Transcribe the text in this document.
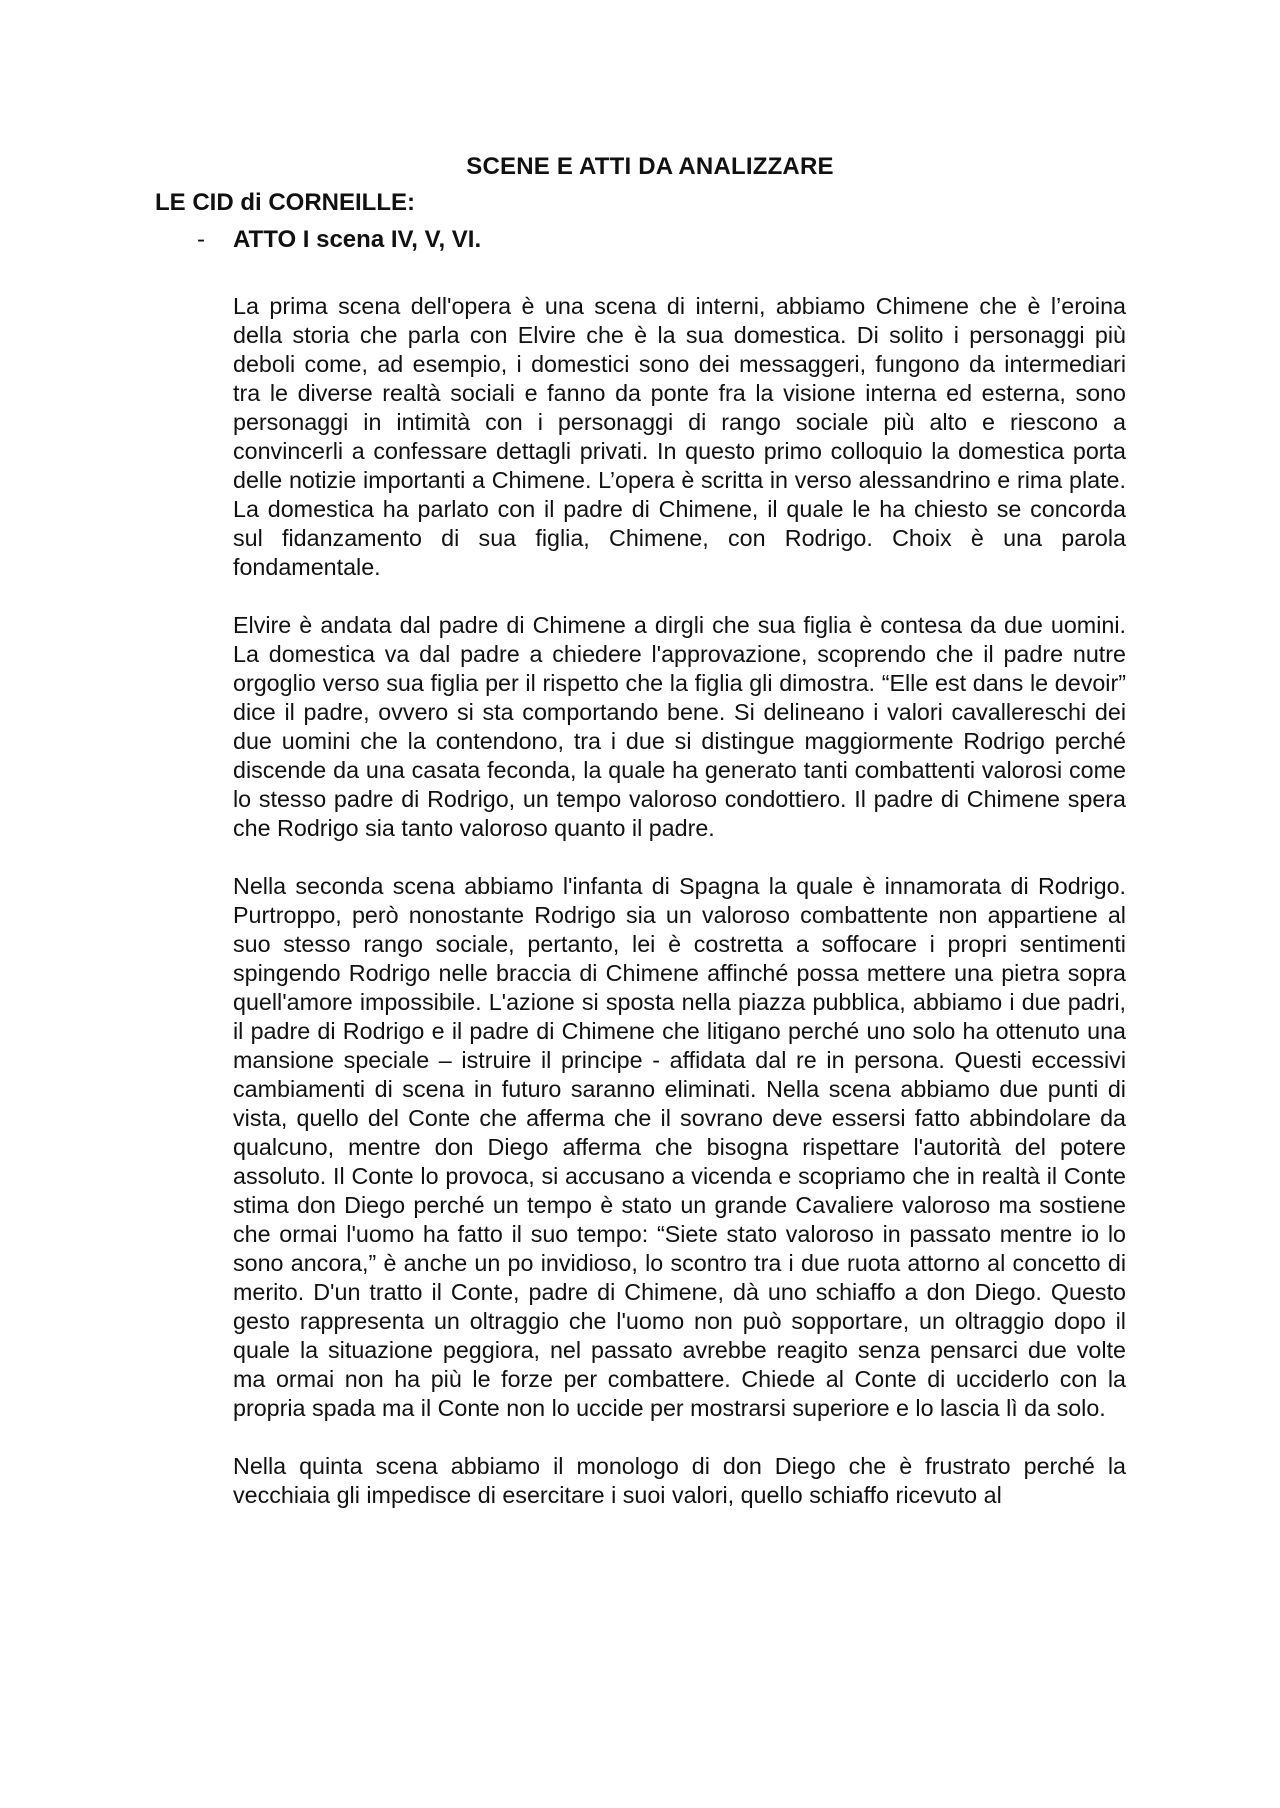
SCENE E ATTI DA ANALIZZARE
LE CID di CORNEILLE:
- ATTO I scena IV, V, VI.

La prima scena dell'opera è una scena di interni, abbiamo Chimene che è l’eroina della storia che parla con Elvire che è la sua domestica. Di solito i personaggi più deboli come, ad esempio, i domestici sono dei messaggeri, fungono da intermediari tra le diverse realtà sociali e fanno da ponte fra la visione interna ed esterna, sono personaggi in intimità con i personaggi di rango sociale più alto e riescono a convincerli a confessare dettagli privati. In questo primo colloquio la domestica porta delle notizie importanti a Chimene. L’opera è scritta in verso alessandrino e rima plate. La domestica ha parlato con il padre di Chimene, il quale le ha chiesto se concorda sul fidanzamento di sua figlia, Chimene, con Rodrigo. Choix è una parola fondamentale.

Elvire è andata dal padre di Chimene a dirgli che sua figlia è contesa da due uomini. La domestica va dal padre a chiedere l'approvazione, scoprendo che il padre nutre orgoglio verso sua figlia per il rispetto che la figlia gli dimostra. “Elle est dans le devoir” dice il padre, ovvero si sta comportando bene. Si delineano i valori cavallereschi dei due uomini che la contendono, tra i due si distingue maggiormente Rodrigo perché discende da una casata feconda, la quale ha generato tanti combattenti valorosi come lo stesso padre di Rodrigo, un tempo valoroso condottiero. Il padre di Chimene spera che Rodrigo sia tanto valoroso quanto il padre.

Nella seconda scena abbiamo l'infanta di Spagna la quale è innamorata di Rodrigo. Purtroppo, però nonostante Rodrigo sia un valoroso combattente non appartiene al suo stesso rango sociale, pertanto, lei è costretta a soffocare i propri sentimenti spingendo Rodrigo nelle braccia di Chimene affinché possa mettere una pietra sopra quell'amore impossibile. L'azione si sposta nella piazza pubblica, abbiamo i due padri, il padre di Rodrigo e il padre di Chimene che litigano perché uno solo ha ottenuto una mansione speciale – istruire il principe - affidata dal re in persona. Questi eccessivi cambiamenti di scena in futuro saranno eliminati. Nella scena abbiamo due punti di vista, quello del Conte che afferma che il sovrano deve essersi fatto abbindolare da qualcuno, mentre don Diego afferma che bisogna rispettare l'autorità del potere assoluto. Il Conte lo provoca, si accusano a vicenda e scopriamo che in realtà il Conte stima don Diego perché un tempo è stato un grande Cavaliere valoroso ma sostiene che ormai l'uomo ha fatto il suo tempo: “Siete stato valoroso in passato mentre io lo sono ancora,” è anche un po invidioso, lo scontro tra i due ruota attorno al concetto di merito. D'un tratto il Conte, padre di Chimene, dà uno schiaffo a don Diego. Questo gesto rappresenta un oltraggio che l'uomo non può sopportare, un oltraggio dopo il quale la situazione peggiora, nel passato avrebbe reagito senza pensarci due volte ma ormai non ha più le forze per combattere. Chiede al Conte di ucciderlo con la propria spada ma il Conte non lo uccide per mostrarsi superiore e lo lascia lì da solo.

Nella quinta scena abbiamo il monologo di don Diego che è frustrato perché la vecchiaia gli impedisce di esercitare i suoi valori, quello schiaffo ricevuto al
